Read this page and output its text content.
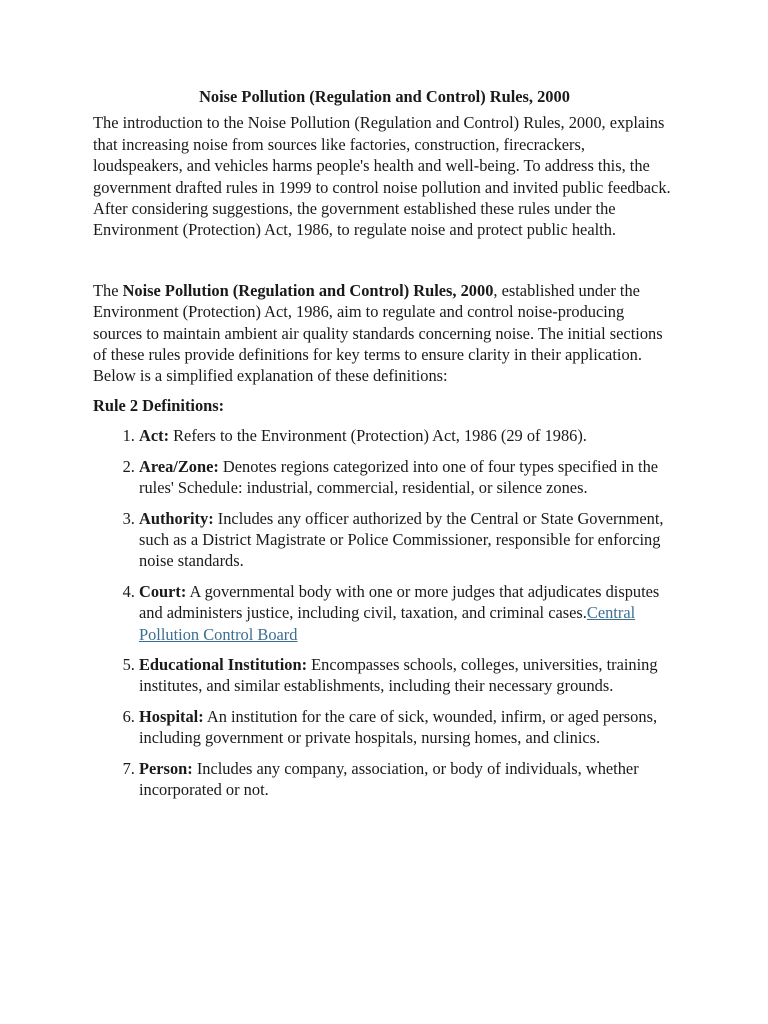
Noise Pollution (Regulation and Control) Rules, 2000

The introduction to the Noise Pollution (Regulation and Control) Rules, 2000, explains that increasing noise from sources like factories, construction, firecrackers, loudspeakers, and vehicles harms people's health and well-being. To address this, the government drafted rules in 1999 to control noise pollution and invited public feedback. After considering suggestions, the government established these rules under the Environment (Protection) Act, 1986, to regulate noise and protect public health.

The Noise Pollution (Regulation and Control) Rules, 2000, established under the Environment (Protection) Act, 1986, aim to regulate and control noise-producing sources to maintain ambient air quality standards concerning noise. The initial sections of these rules provide definitions for key terms to ensure clarity in their application. Below is a simplified explanation of these definitions:

Rule 2 Definitions:

1. Act: Refers to the Environment (Protection) Act, 1986 (29 of 1986).
2. Area/Zone: Denotes regions categorized into one of four types specified in the rules' Schedule: industrial, commercial, residential, or silence zones.
3. Authority: Includes any officer authorized by the Central or State Government, such as a District Magistrate or Police Commissioner, responsible for enforcing noise standards.
4. Court: A governmental body with one or more judges that adjudicates disputes and administers justice, including civil, taxation, and criminal cases.Central Pollution Control Board
5. Educational Institution: Encompasses schools, colleges, universities, training institutes, and similar establishments, including their necessary grounds.
6. Hospital: An institution for the care of sick, wounded, infirm, or aged persons, including government or private hospitals, nursing homes, and clinics.
7. Person: Includes any company, association, or body of individuals, whether incorporated or not.
